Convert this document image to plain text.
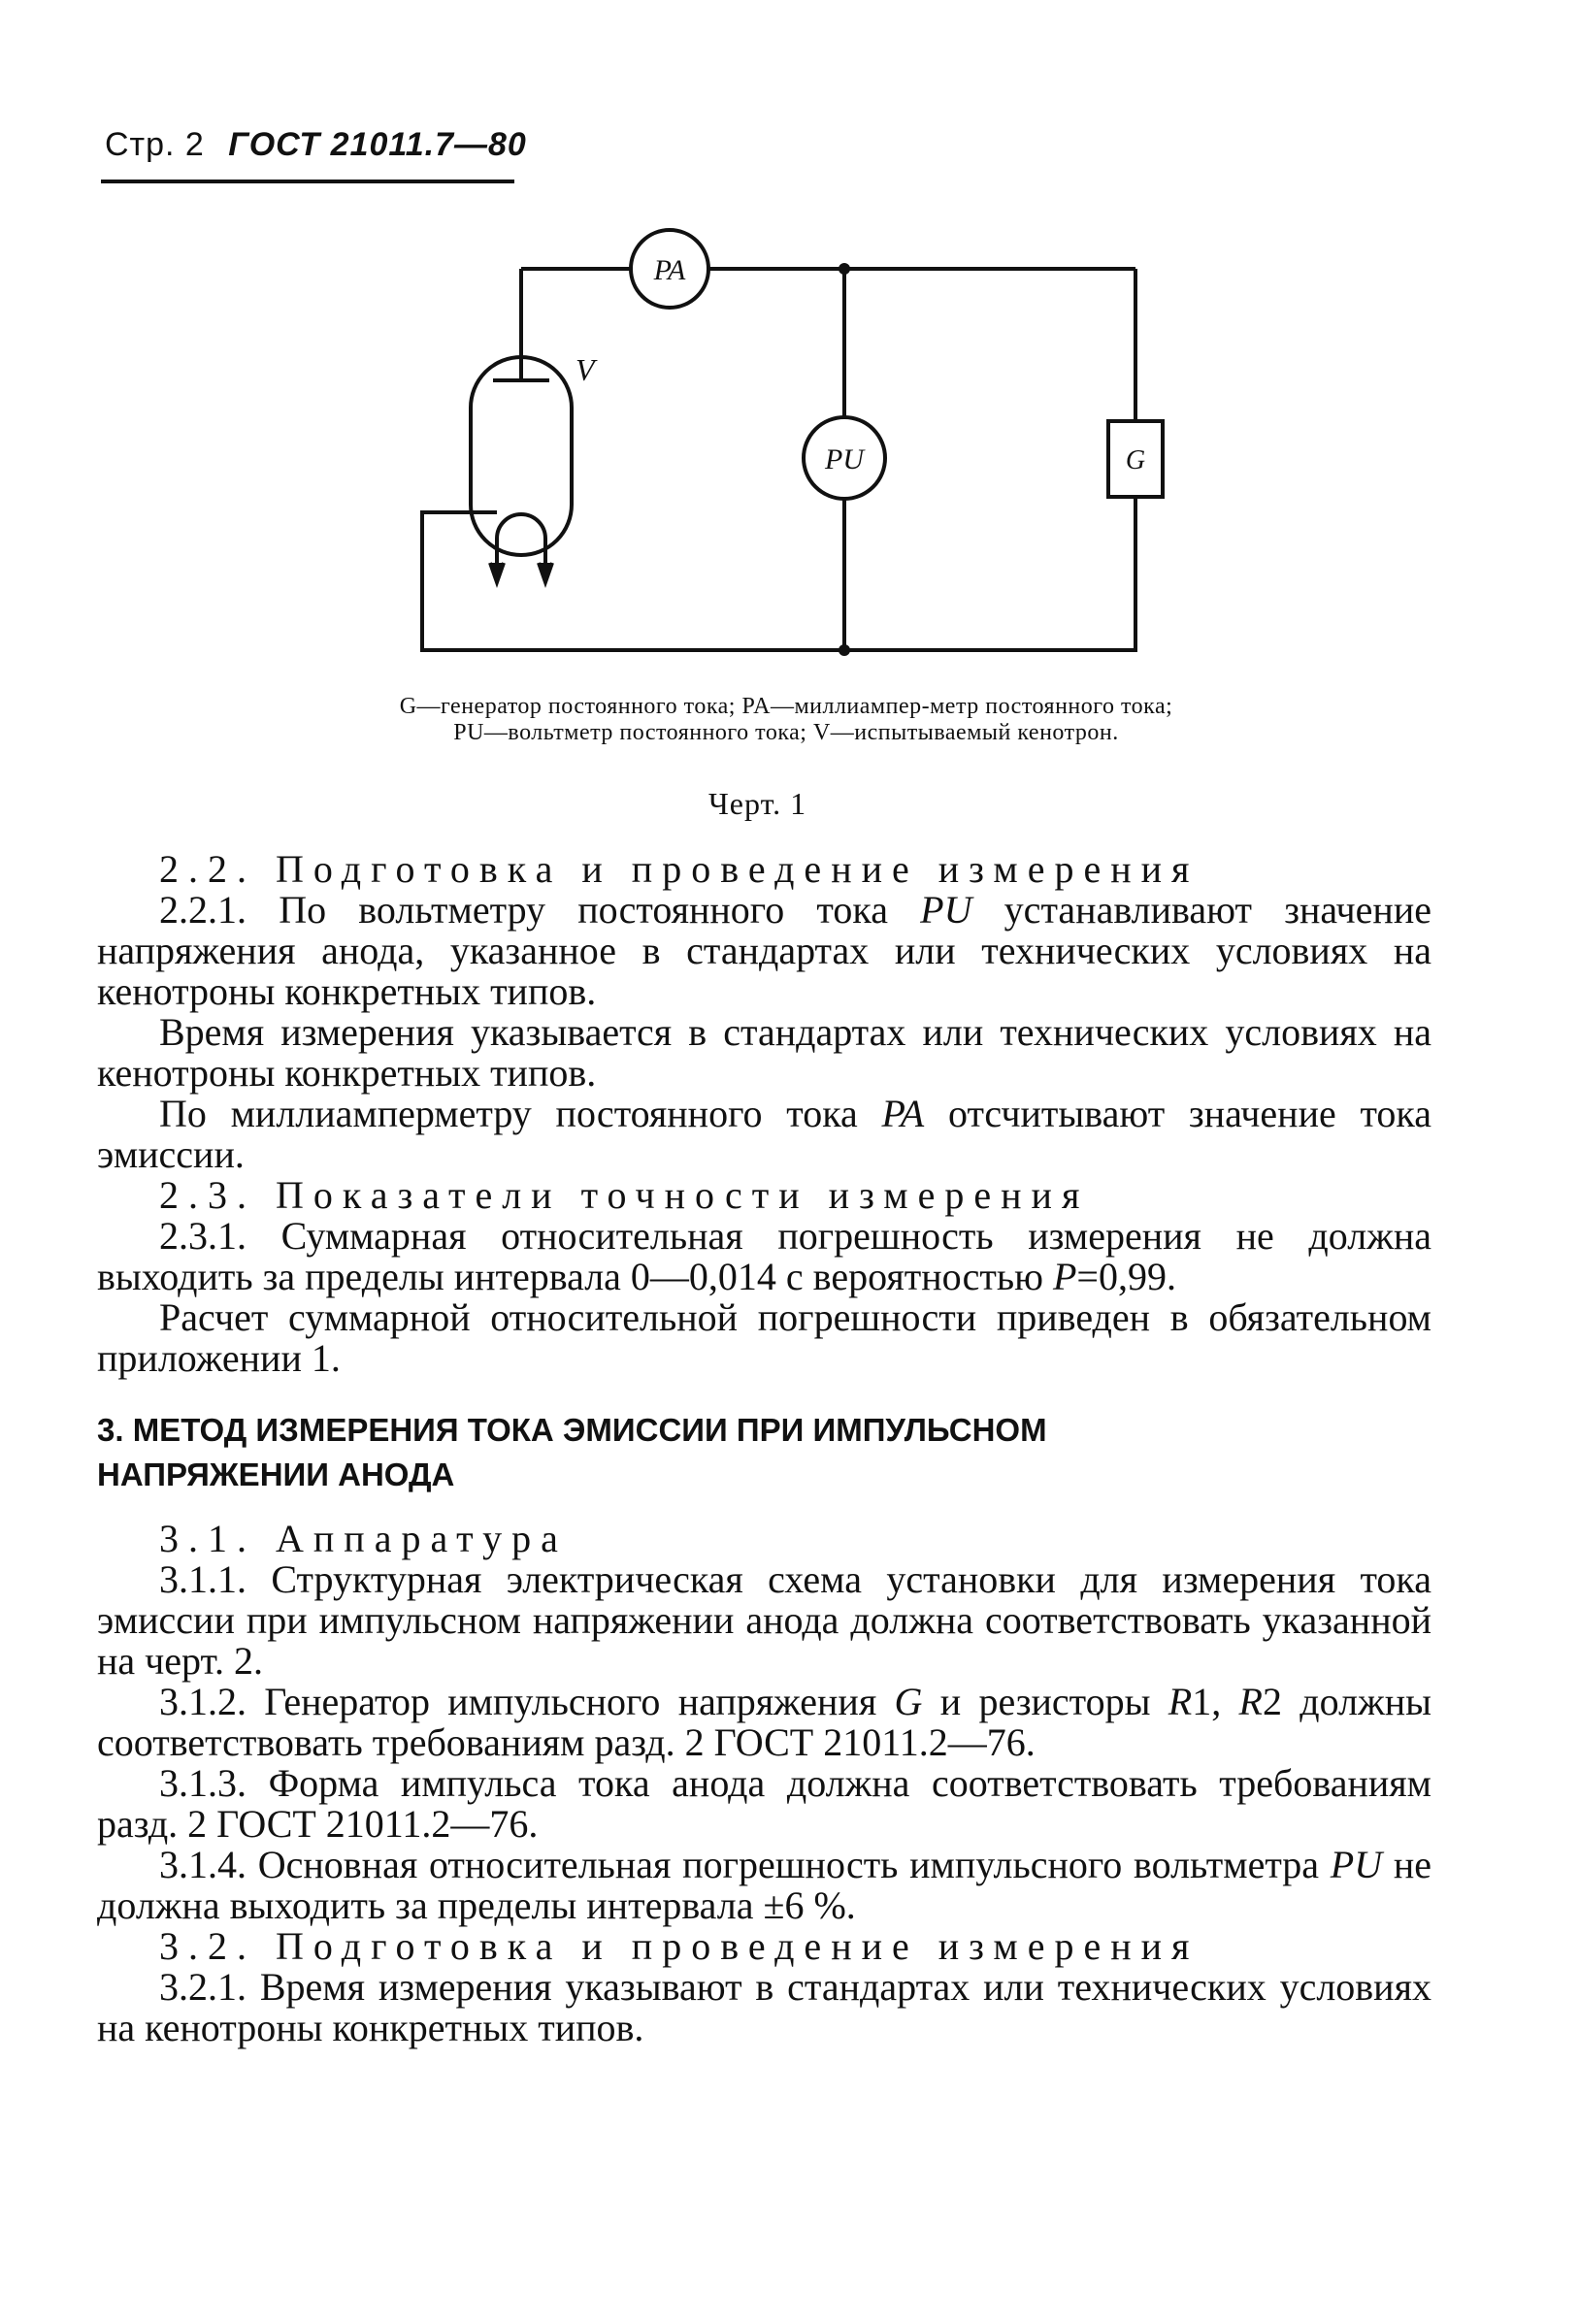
Стр. 2 ГОСТ 21011.7—80
PA
V
PU	G
G—генератор постоянного тока; PA—миллиампер-метр постоянного тока; PU—вольтметр постоянного тока; V—испытываемый кенотрон.
Черт. 1

2.2. Подготовка и проведение измерения

2.2.1. По вольтметру постоянного тока PU устанавливают значение напряжения анода, указанное в стандартах или технических условиях на кенотроны конкретных типов.

Время измерения указывается в стандартах или технических условиях на кенотроны конкретных типов.

По миллиамперметру постоянного тока PA отсчитывают значение тока эмиссии.

2.3. Показатели точности измерения

2.3.1. Суммарная относительная погрешность измерения не должна выходить за пределы интервала 0—0,014 с вероятностью P=0,99.

Расчет суммарной относительной погрешности приведен в обязательном приложении 1.

3. МЕТОД ИЗМЕРЕНИЯ ТОКА ЭМИССИИ ПРИ ИМПУЛЬСНОМ
НАПРЯЖЕНИИ АНОДА

3.1. Аппаратура

3.1.1. Структурная электрическая схема установки для измерения тока эмиссии при импульсном напряжении анода должна соответствовать указанной на черт. 2.

3.1.2. Генератор импульсного напряжения G и резисторы R1, R2 должны соответствовать требованиям разд. 2 ГОСТ 21011.2—76.

3.1.3. Форма импульса тока анода должна соответствовать требованиям разд. 2 ГОСТ 21011.2—76.

3.1.4. Основная относительная погрешность импульсного вольтметра PU не должна выходить за пределы интервала ±6 %.

3.2. Подготовка и проведение измерения

3.2.1. Время измерения указывают в стандартах или технических условиях на кенотроны конкретных типов.
